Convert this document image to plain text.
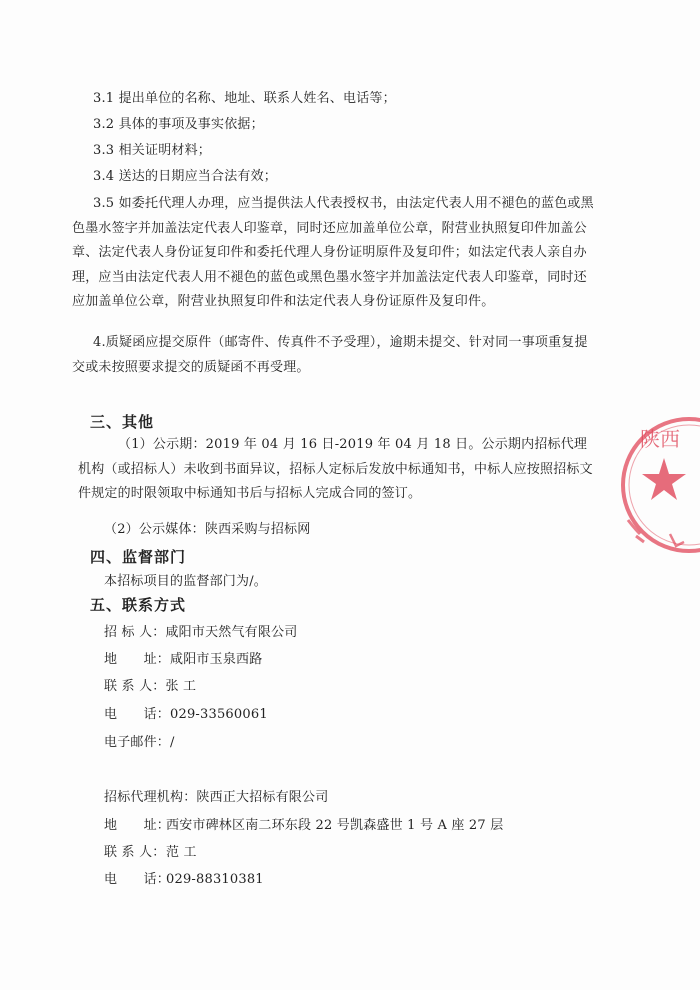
3.1 提出单位的名称、地址、联系人姓名、电话等；
3.2 具体的事项及事实依据；
3.3 相关证明材料；
3.4 送达的日期应当合法有效；
3.5 如委托代理人办理，应当提供法人代表授权书，由法定代表人用不褪色的蓝色或黑色墨水签字并加盖法定代表人印鉴章，同时还应加盖单位公章，附营业执照复印件加盖公章、法定代表人身份证复印件和委托代理人身份证明原件及复印件；如法定代表人亲自办理，应当由法定代表人用不褪色的蓝色或黑色墨水签字并加盖法定代表人印鉴章，同时还应加盖单位公章，附营业执照复印件和法定代表人身份证原件及复印件。
4.质疑函应提交原件（邮寄件、传真件不予受理），逾期未提交、针对同一事项重复提交或未按照要求提交的质疑函不再受理。
三、其他
（1）公示期：2019 年 04 月 16 日-2019 年 04 月 18 日。公示期内招标代理机构（或招标人）未收到书面异议，招标人定标后发放中标通知书，中标人应按照招标文件规定的时限领取中标通知书后与招标人完成合同的签订。
（2）公示媒体：陕西采购与招标网
四、监督部门
本招标项目的监督部门为/。
五、联系方式
招 标 人：咸阳市天然气有限公司
地　　址：咸阳市玉泉西路
联 系 人：张 工
电　　话：029-33560061
电子邮件：/
招标代理机构：陕西正大招标有限公司
地　　址：西安市碑林区南二环东段 22 号凯森盛世 1 号 A 座 27 层
联 系 人：范 工
电　　话：029-88310381
陕西
